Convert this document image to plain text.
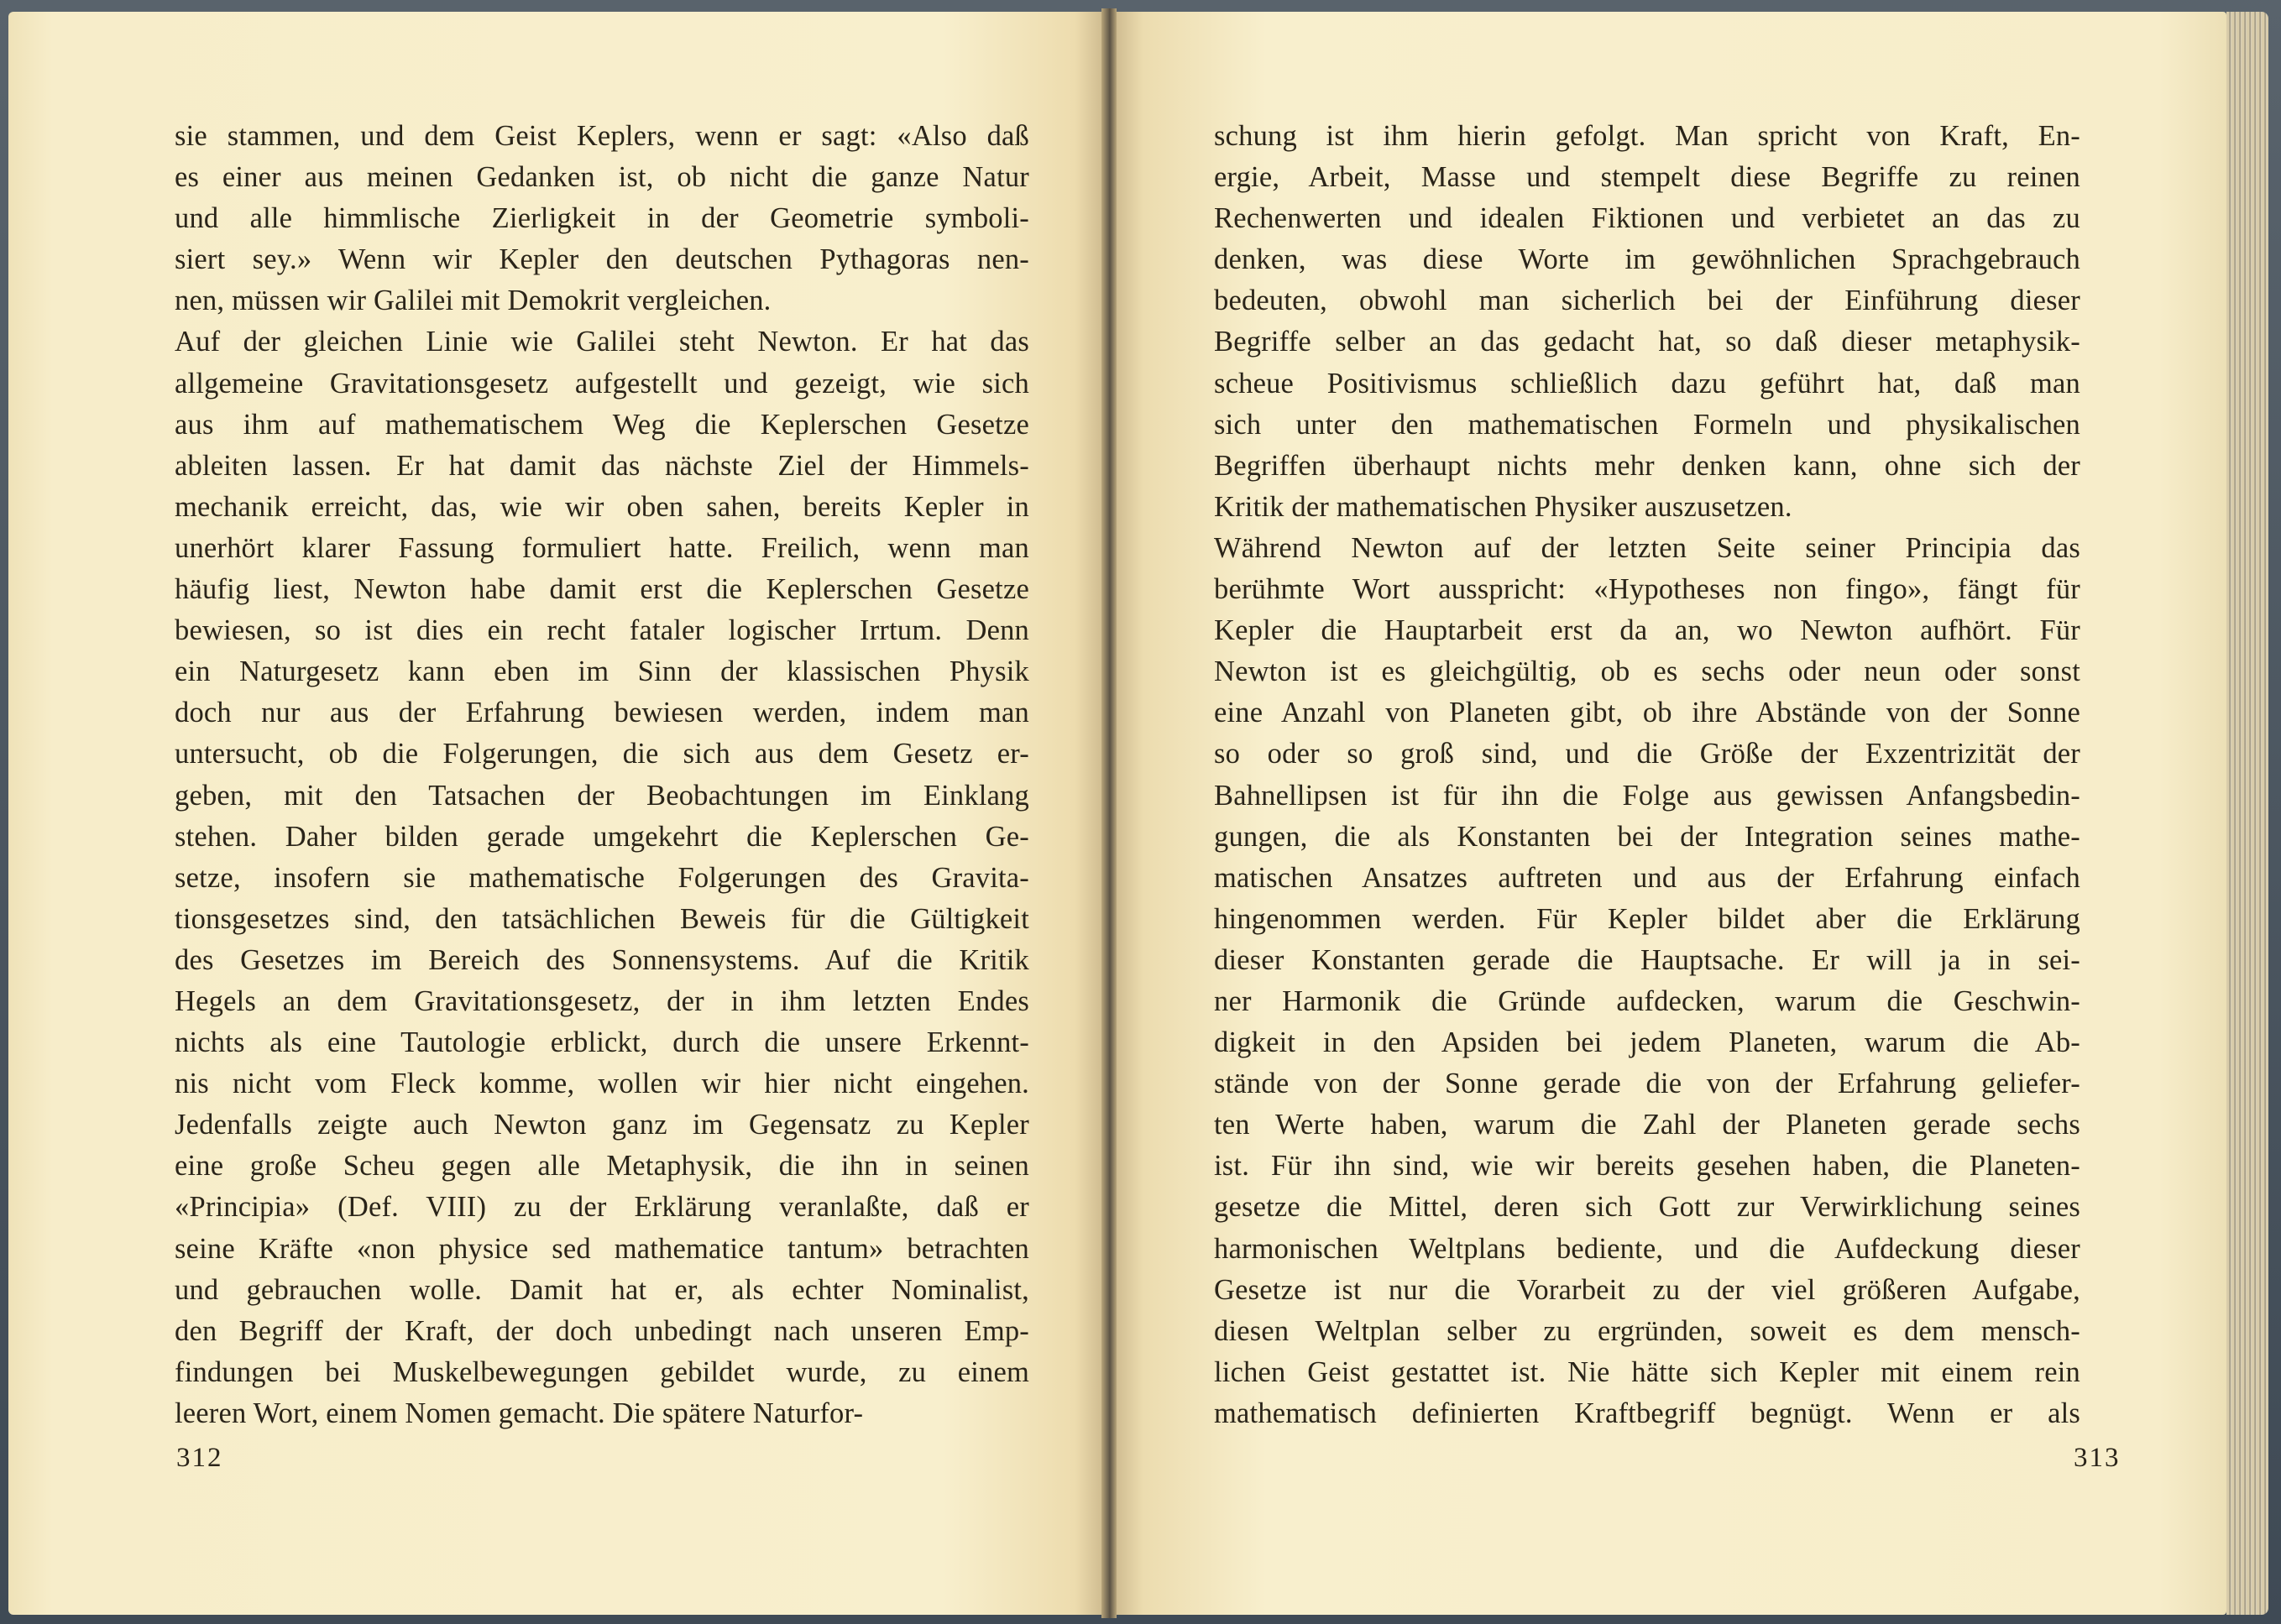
sie stammen, und dem Geist Keplers, wenn er sagt: «Also daß
es einer aus meinen Gedanken ist, ob nicht die ganze Natur
und alle himmlische Zierligkeit in der Geometrie symboli-
siert sey.» Wenn wir Kepler den deutschen Pythagoras nen-
nen, müssen wir Galilei mit Demokrit vergleichen.
Auf der gleichen Linie wie Galilei steht Newton. Er hat das
allgemeine Gravitationsgesetz aufgestellt und gezeigt, wie sich
aus ihm auf mathematischem Weg die Keplerschen Gesetze
ableiten lassen. Er hat damit das nächste Ziel der Himmels-
mechanik erreicht, das, wie wir oben sahen, bereits Kepler in
unerhört klarer Fassung formuliert hatte. Freilich, wenn man
häufig liest, Newton habe damit erst die Keplerschen Gesetze
bewiesen, so ist dies ein recht fataler logischer Irrtum. Denn
ein Naturgesetz kann eben im Sinn der klassischen Physik
doch nur aus der Erfahrung bewiesen werden, indem man
untersucht, ob die Folgerungen, die sich aus dem Gesetz er-
geben, mit den Tatsachen der Beobachtungen im Einklang
stehen. Daher bilden gerade umgekehrt die Keplerschen Ge-
setze, insofern sie mathematische Folgerungen des Gravita-
tionsgesetzes sind, den tatsächlichen Beweis für die Gültigkeit
des Gesetzes im Bereich des Sonnensystems. Auf die Kritik
Hegels an dem Gravitationsgesetz, der in ihm letzten Endes
nichts als eine Tautologie erblickt, durch die unsere Erkennt-
nis nicht vom Fleck komme, wollen wir hier nicht eingehen.
Jedenfalls zeigte auch Newton ganz im Gegensatz zu Kepler
eine große Scheu gegen alle Metaphysik, die ihn in seinen
«Principia» (Def. VIII) zu der Erklärung veranlaßte, daß er
seine Kräfte «non physice sed mathematice tantum» betrachten
und gebrauchen wolle. Damit hat er, als echter Nominalist,
den Begriff der Kraft, der doch unbedingt nach unseren Emp-
findungen bei Muskelbewegungen gebildet wurde, zu einem
leeren Wort, einem Nomen gemacht. Die spätere Naturfor-
312
schung ist ihm hierin gefolgt. Man spricht von Kraft, En-
ergie, Arbeit, Masse und stempelt diese Begriffe zu reinen
Rechenwerten und idealen Fiktionen und verbietet an das zu
denken, was diese Worte im gewöhnlichen Sprachgebrauch
bedeuten, obwohl man sicherlich bei der Einführung dieser
Begriffe selber an das gedacht hat, so daß dieser metaphysik-
scheue Positivismus schließlich dazu geführt hat, daß man
sich unter den mathematischen Formeln und physikalischen
Begriffen überhaupt nichts mehr denken kann, ohne sich der
Kritik der mathematischen Physiker auszusetzen.
Während Newton auf der letzten Seite seiner Principia das
berühmte Wort ausspricht: «Hypotheses non fingo», fängt für
Kepler die Hauptarbeit erst da an, wo Newton aufhört. Für
Newton ist es gleichgültig, ob es sechs oder neun oder sonst
eine Anzahl von Planeten gibt, ob ihre Abstände von der Sonne
so oder so groß sind, und die Größe der Exzentrizität der
Bahnellipsen ist für ihn die Folge aus gewissen Anfangsbedin-
gungen, die als Konstanten bei der Integration seines mathe-
matischen Ansatzes auftreten und aus der Erfahrung einfach
hingenommen werden. Für Kepler bildet aber die Erklärung
dieser Konstanten gerade die Hauptsache. Er will ja in sei-
ner Harmonik die Gründe aufdecken, warum die Geschwin-
digkeit in den Apsiden bei jedem Planeten, warum die Ab-
stände von der Sonne gerade die von der Erfahrung geliefer-
ten Werte haben, warum die Zahl der Planeten gerade sechs
ist. Für ihn sind, wie wir bereits gesehen haben, die Planeten-
gesetze die Mittel, deren sich Gott zur Verwirklichung seines
harmonischen Weltplans bediente, und die Aufdeckung dieser
Gesetze ist nur die Vorarbeit zu der viel größeren Aufgabe,
diesen Weltplan selber zu ergründen, soweit es dem mensch-
lichen Geist gestattet ist. Nie hätte sich Kepler mit einem rein
mathematisch definierten Kraftbegriff begnügt. Wenn er als
313
